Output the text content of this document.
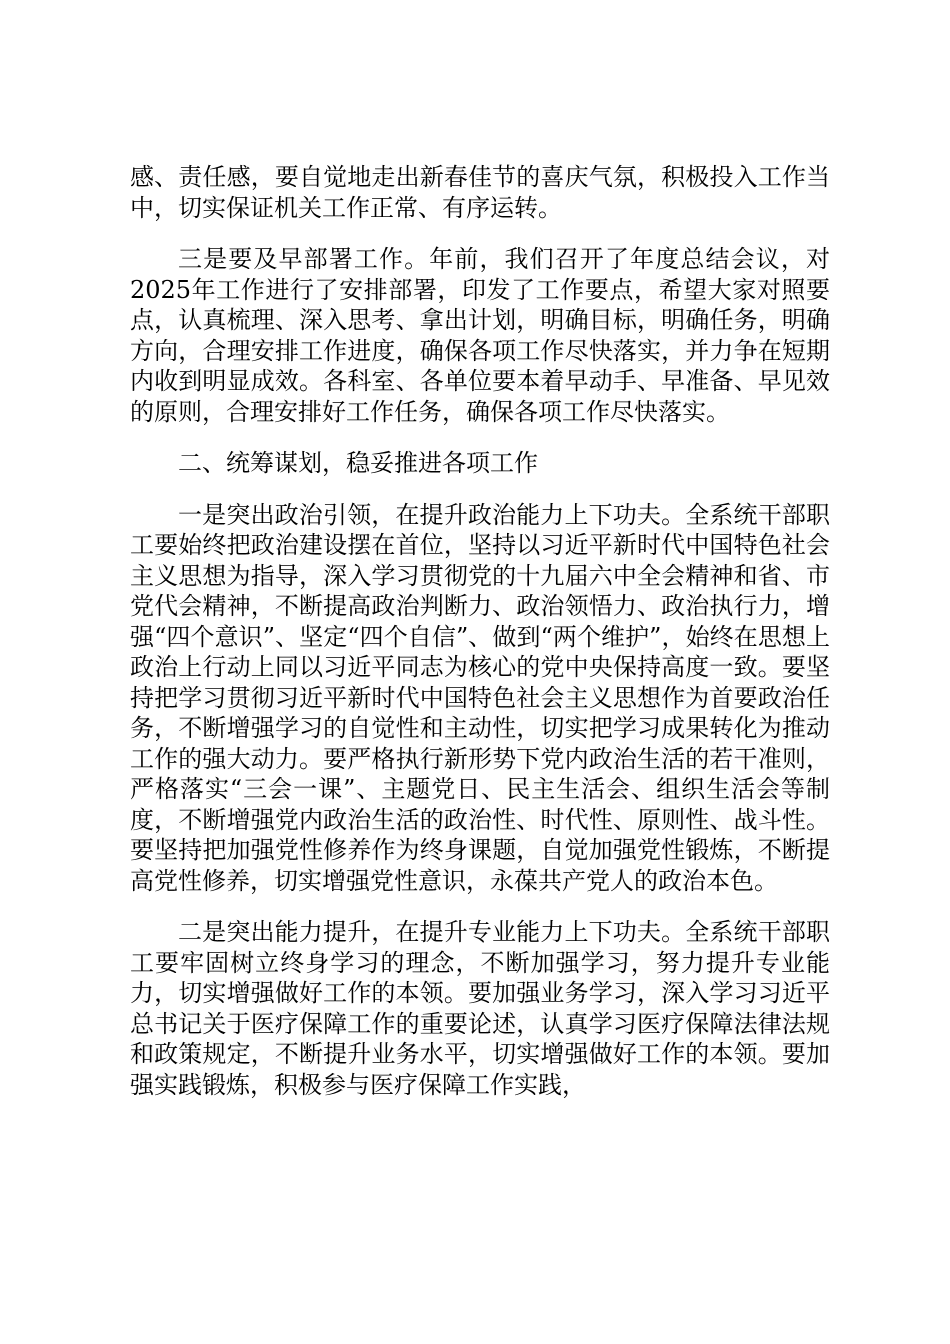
感、责任感，要自觉地走出新春佳节的喜庆气氛，积极投入工作当中，切实保证机关工作正常、有序运转。

三是要及早部署工作。年前，我们召开了年度总结会议，对2025年工作进行了安排部署，印发了工作要点，希望大家对照要点，认真梳理、深入思考、拿出计划，明确目标，明确任务，明确方向，合理安排工作进度，确保各项工作尽快落实，并力争在短期内收到明显成效。各科室、各单位要本着早动手、早准备、早见效的原则，合理安排好工作任务，确保各项工作尽快落实。

二、统筹谋划，稳妥推进各项工作

一是突出政治引领，在提升政治能力上下功夫。全系统干部职工要始终把政治建设摆在首位，坚持以习近平新时代中国特色社会主义思想为指导，深入学习贯彻党的十九届六中全会精神和省、市党代会精神，不断提高政治判断力、政治领悟力、政治执行力，增强“四个意识”、坚定“四个自信”、做到“两个维护”，始终在思想上政治上行动上同以习近平同志为核心的党中央保持高度一致。要坚持把学习贯彻习近平新时代中国特色社会主义思想作为首要政治任务，不断增强学习的自觉性和主动性，切实把学习成果转化为推动工作的强大动力。要严格执行新形势下党内政治生活的若干准则，严格落实“三会一课”、主题党日、民主生活会、组织生活会等制度，不断增强党内政治生活的政治性、时代性、原则性、战斗性。要坚持把加强党性修养作为终身课题，自觉加强党性锻炼，不断提高党性修养，切实增强党性意识，永葆共产党人的政治本色。

二是突出能力提升，在提升专业能力上下功夫。全系统干部职工要牢固树立终身学习的理念，不断加强学习，努力提升专业能力，切实增强做好工作的本领。要加强业务学习，深入学习习近平总书记关于医疗保障工作的重要论述，认真学习医疗保障法律法规和政策规定，不断提升业务水平，切实增强做好工作的本领。要加强实践锻炼，积极参与医疗保障工作实践，
